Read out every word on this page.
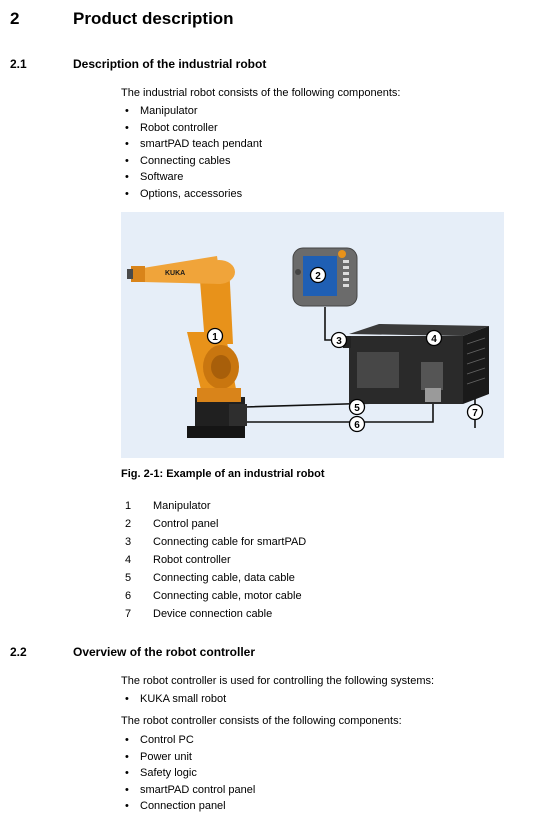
2	Product description
2.1	Description of the industrial robot
The industrial robot consists of the following components:
• Manipulator
• Robot controller
• smartPAD teach pendant
• Connecting cables
• Software
• Options, accessories
KUKA
1
2
3	4
5
6
7
Fig. 2-1: Example of an industrial robot
1	Manipulator
2	Control panel
3	Connecting cable for smartPAD
4	Robot controller
5	Connecting cable, data cable
6	Connecting cable, motor cable
7	Device connection cable
2.2	Overview of the robot controller
The robot controller is used for controlling the following systems:
• KUKA small robot
The robot controller consists of the following components:
• Control PC
• Power unit
• Safety logic
• smartPAD control panel
• Connection panel
